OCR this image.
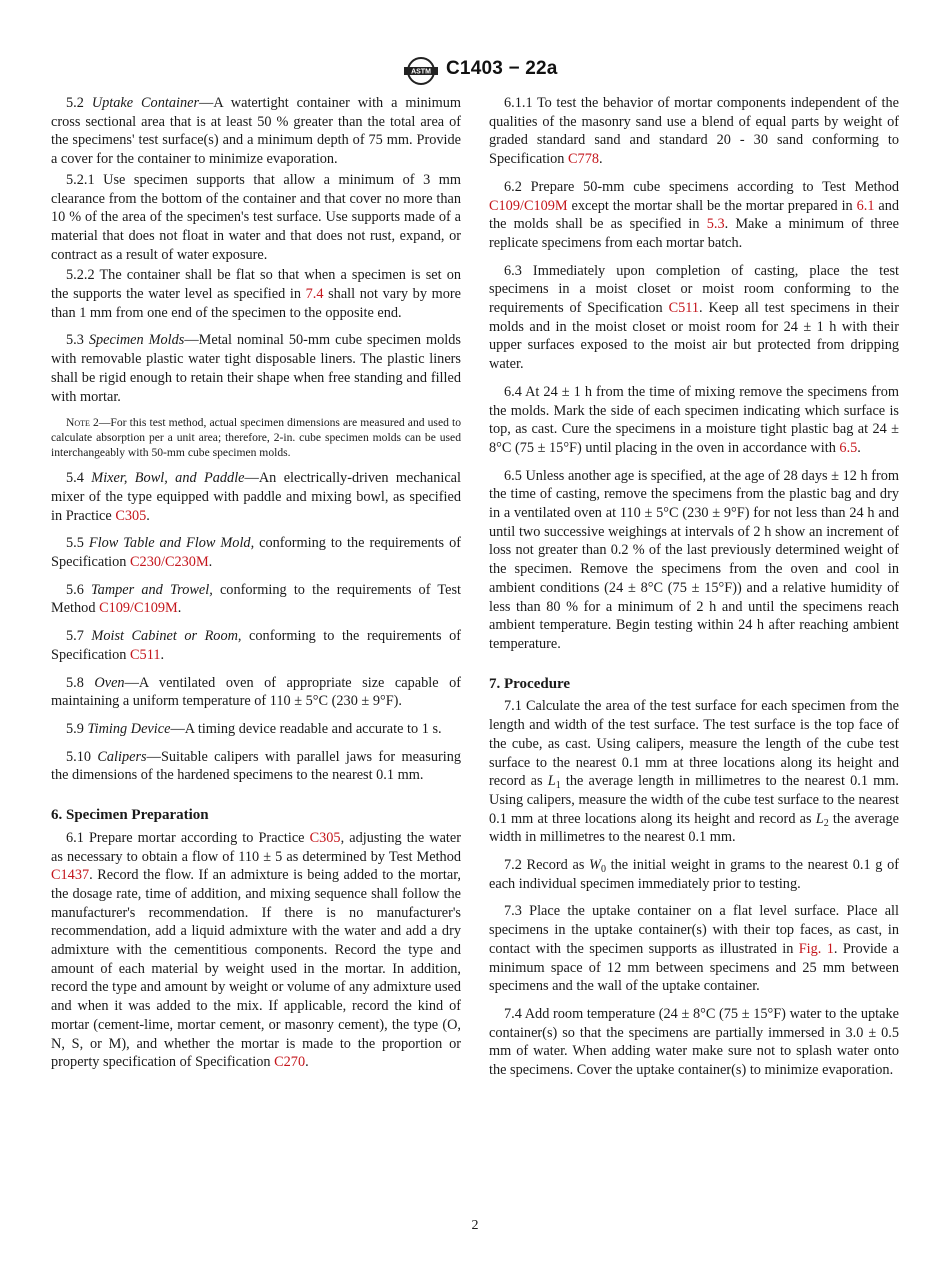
ASTM C1403 − 22a

5.2 Uptake Container—A watertight container with a minimum cross sectional area that is at least 50 % greater than the total area of the specimens' test surface(s) and a minimum depth of 75 mm. Provide a cover for the container to minimize evaporation.

5.2.1 Use specimen supports that allow a minimum of 3 mm clearance from the bottom of the container and that cover no more than 10 % of the area of the specimen's test surface. Use supports made of a material that does not float in water and that does not rust, expand, or contract as a result of water exposure.

5.2.2 The container shall be flat so that when a specimen is set on the supports the water level as specified in 7.4 shall not vary by more than 1 mm from one end of the specimen to the opposite end.

5.3 Specimen Molds—Metal nominal 50-mm cube specimen molds with removable plastic water tight disposable liners. The plastic liners shall be rigid enough to retain their shape when free standing and filled with mortar.

Note 2—For this test method, actual specimen dimensions are measured and used to calculate absorption per a unit area; therefore, 2-in. cube specimen molds can be used interchangeably with 50-mm cube specimen molds.

5.4 Mixer, Bowl, and Paddle—An electrically-driven mechanical mixer of the type equipped with paddle and mixing bowl, as specified in Practice C305.

5.5 Flow Table and Flow Mold, conforming to the requirements of Specification C230/C230M.

5.6 Tamper and Trowel, conforming to the requirements of Test Method C109/C109M.

5.7 Moist Cabinet or Room, conforming to the requirements of Specification C511.

5.8 Oven—A ventilated oven of appropriate size capable of maintaining a uniform temperature of 110 ± 5°C (230 ± 9°F).

5.9 Timing Device—A timing device readable and accurate to 1 s.

5.10 Calipers—Suitable calipers with parallel jaws for measuring the dimensions of the hardened specimens to the nearest 0.1 mm.

6. Specimen Preparation

6.1 Prepare mortar according to Practice C305, adjusting the water as necessary to obtain a flow of 110 ± 5 as determined by Test Method C1437. Record the flow. If an admixture is being added to the mortar, the dosage rate, time of addition, and mixing sequence shall follow the manufacturer's recommendation. If there is no manufacturer's recommendation, add a liquid admixture with the water and add a dry admixture with the cementitious components. Record the type and amount of each material by weight used in the mortar. In addition, record the type and amount by weight or volume of any admixture used and when it was added to the mix. If applicable, record the kind of mortar (cement-lime, mortar cement, or masonry cement), the type (O, N, S, or M), and whether the mortar is made to the proportion or property specification of Specification C270.

6.1.1 To test the behavior of mortar components independent of the qualities of the masonry sand use a blend of equal parts by weight of graded standard sand and standard 20 - 30 sand conforming to Specification C778.

6.2 Prepare 50-mm cube specimens according to Test Method C109/C109M except the mortar shall be the mortar prepared in 6.1 and the molds shall be as specified in 5.3. Make a minimum of three replicate specimens from each mortar batch.

6.3 Immediately upon completion of casting, place the test specimens in a moist closet or moist room conforming to the requirements of Specification C511. Keep all test specimens in their molds and in the moist closet or moist room for 24 ± 1 h with their upper surfaces exposed to the moist air but protected from dripping water.

6.4 At 24 ± 1 h from the time of mixing remove the specimens from the molds. Mark the side of each specimen indicating which surface is top, as cast. Cure the specimens in a moisture tight plastic bag at 24 ± 8°C (75 ± 15°F) until placing in the oven in accordance with 6.5.

6.5 Unless another age is specified, at the age of 28 days ± 12 h from the time of casting, remove the specimens from the plastic bag and dry in a ventilated oven at 110 ± 5°C (230 ± 9°F) for not less than 24 h and until two successive weighings at intervals of 2 h show an increment of loss not greater than 0.2 % of the last previously determined weight of the specimen. Remove the specimens from the oven and cool in ambient conditions (24 ± 8°C (75 ± 15°F)) and a relative humidity of less than 80 % for a minimum of 2 h and until the specimens reach ambient temperature. Begin testing within 24 h after reaching ambient temperature.

7. Procedure

7.1 Calculate the area of the test surface for each specimen from the length and width of the test surface. The test surface is the top face of the cube, as cast. Using calipers, measure the length of the cube test surface to the nearest 0.1 mm at three locations along its height and record as $L_1$ the average length in millimetres to the nearest 0.1 mm. Using calipers, measure the width of the cube test surface to the nearest 0.1 mm at three locations along its height and record as $L_2$ the average width in millimetres to the nearest 0.1 mm.

7.2 Record as $W_0$ the initial weight in grams to the nearest 0.1 g of each individual specimen immediately prior to testing.

7.3 Place the uptake container on a flat level surface. Place all specimens in the uptake container(s) with their top faces, as cast, in contact with the specimen supports as illustrated in Fig. 1. Provide a minimum space of 12 mm between specimens and 25 mm between specimens and the wall of the uptake container.

7.4 Add room temperature (24 ± 8°C (75 ± 15°F) water to the uptake container(s) so that the specimens are partially immersed in 3.0 ± 0.5 mm of water. When adding water make sure not to splash water onto the specimens. Cover the uptake container(s) to minimize evaporation.

2
